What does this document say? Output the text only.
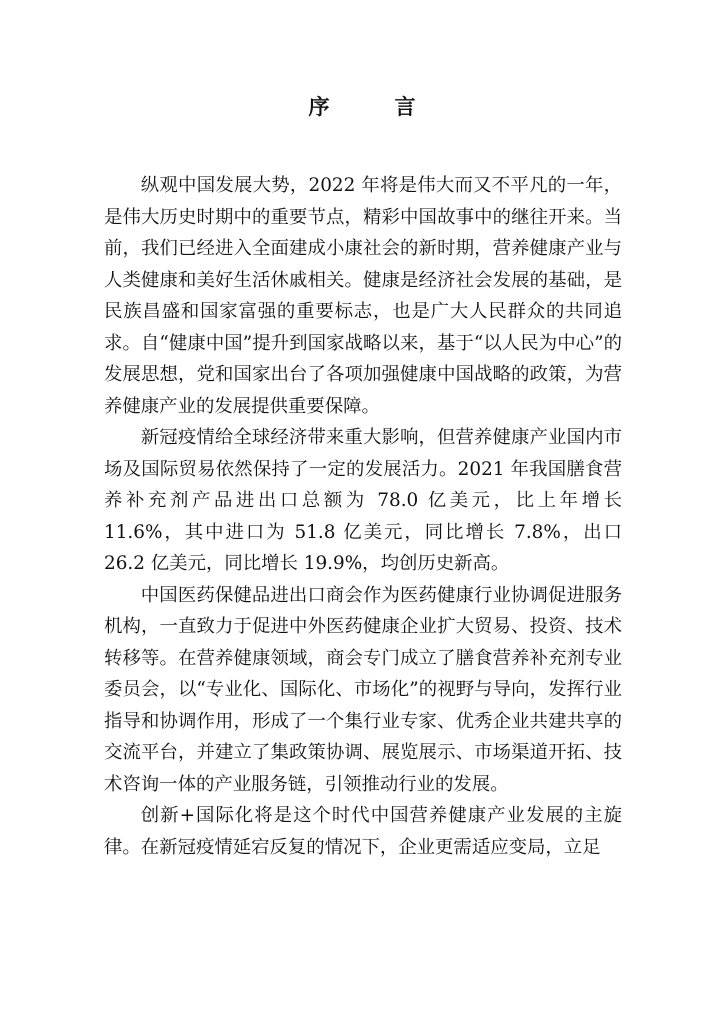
序　言

纵观中国发展大势，2022 年将是伟大而又不平凡的一年，是伟大历史时期中的重要节点，精彩中国故事中的继往开来。当前，我们已经进入全面建成小康社会的新时期，营养健康产业与人类健康和美好生活休戚相关。健康是经济社会发展的基础，是民族昌盛和国家富强的重要标志，也是广大人民群众的共同追求。自“健康中国”提升到国家战略以来，基于“以人民为中心”的发展思想，党和国家出台了各项加强健康中国战略的政策，为营养健康产业的发展提供重要保障。

新冠疫情给全球经济带来重大影响，但营养健康产业国内市场及国际贸易依然保持了一定的发展活力。2021 年我国膳食营养补充剂产品进出口总额为 78.0 亿美元，比上年增长 11.6%，其中进口为 51.8 亿美元，同比增长 7.8%，出口 26.2 亿美元，同比增长 19.9%，均创历史新高。

中国医药保健品进出口商会作为医药健康行业协调促进服务机构，一直致力于促进中外医药健康企业扩大贸易、投资、技术转移等。在营养健康领域，商会专门成立了膳食营养补充剂专业委员会，以“专业化、国际化、市场化”的视野与导向，发挥行业指导和协调作用，形成了一个集行业专家、优秀企业共建共享的交流平台，并建立了集政策协调、展览展示、市场渠道开拓、技术咨询一体的产业服务链，引领推动行业的发展。

创新+国际化将是这个时代中国营养健康产业发展的主旋律。在新冠疫情延宕反复的情况下，企业更需适应变局，立足
